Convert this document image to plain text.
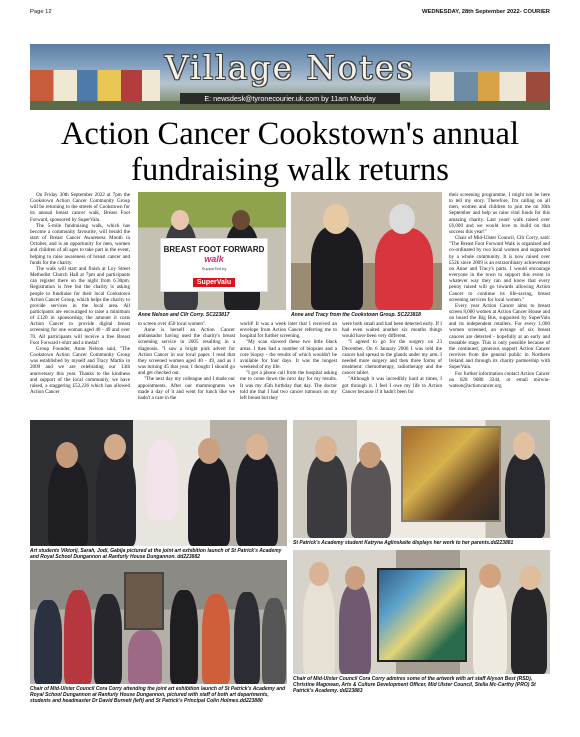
Page 12	WEDNESDAY, 28th September 2022- COURIER
Village Notes
E: newsdesk@tyronecourier.uk.com by 11am Monday
Action Cancer Cookstown's annual fundraising walk returns

On Friday 30th September 2022 at 7pm the Cookstown Action Cancer Community Group will be returning to the streets of Cookstown for its annual breast cancer walk, Breast Foot Forward, sponsored by SuperValu.

The 5-mile fundraising walk, which has become a community favourite, will herald the start of Breast Cancer Awareness Month in October, and is an opportunity for men, women and children of all ages to take part in the event, helping to raise awareness of breast cancer and funds for the charity.

The walk will start and finish at Loy Street Methodist Church Hall at 7pm and participants can register there on the night from 6.30pm. Registration is free but the charity is asking people to fundraise for their local Cookstown Action Cancer Group, which helps the charity to provide services in the local area. All participants are encouraged to raise a minimum of £120 in sponsorship, the amount it costs Action Cancer to provide digital breast screening for one woman aged 40 - 49 and over 70. All participants will receive a free Breast Foot Forward t-shirt and a medal!

Group Founder, Anne Nelson said, "The Cookstown Action Cancer Community Group was established by myself and Tracy Martin in 2009 and we are celebrating our 13th anniversary this year. Thanks to the kindness and support of the local community, we have raised, a staggering £52,226 which has allowed Action Cancer

BREAST FOOT FORWARD
walk
SupporTed by
SuperValu
Anne Nelson and Cllr Corry. SC223817	Anne and Tracy from the Cookstown Group. SC223818

to screen over 450 local women".

Anne is herself an Action Cancer ambassador having used the charity's breast screening service in 2005 resulting in a diagnosis. "I saw a bright pink advert for Action Cancer in our local paper. I read that they screened women aged 40 - 49, and as I was turning 45 that year, I thought I should go and get checked out.

"The next day my colleague and I made our appointments. After our mammograms we made a day of it and went for lunch like we hadn't a care in the

world! It was a week later that I received an envelope from Action Cancer referring me to hospital for further screening.

"My scan showed these two little black areas. I then had a number of biopsies and a core biopsy - the results of which wouldn't be available for four days. It was the longest weekend of my life.

"I got a phone call from the hospital asking me to come down the next day for my results. It was my 45th birthday that day. The doctor told me that I had two cancer tumours on my left breast but they

were both small and had been detected early. If I had even waited another six months things would have been very different.

"I agreed to go for the surgery on 23 December. On 6 January 2006 I was told the cancer had spread to the glands under my arm. I needed more surgery and then three forms of treatment: chemotherapy, radiotherapy and the cancer tablet.

"Although it was incredibly hard at times, I got through it. I feel I owe my life to Action Cancer because if it hadn't been for

their screening programme, I might not be here to tell my story. Therefore, I'm calling on all men, women and children to join me on 30th September and help us raise vital funds for this amazing charity. Last years' walk raised over £6,000 and we would love to build on that success this year!"

Chair of Mid-Ulster Council, Cllr Corry, said: "The Breast Foot Forward Walk is organised and co-ordinated by two local women and supported by a whole community. It is now raised over £52k since 2009 is an extraordinary achievement on Anne and Tracy's parts. I would encourage everyone in the town to support this event in whatever way they can and know that every penny raised will go towards allowing Action Cancer to continue its life-saving, breast screening services for local women."

Every year Action Cancer aims to breast screen 8,000 women at Action Cancer House and on board the Big Bus, supported by SuperValu and its independent retailers. For every 1,000 women screened, an average of six breast cancers are detected - hopefully at an early and treatable stage. This is only possible because of the continued, generous support Action Cancer receives from the general public in Northern Ireland and through its charity partnership with SuperValu.

For further information contact Action Cancer on 028 9080 3344, or email mirwin-watson@actioncancer.org

Art students Viktorij, Sarah, Jodi, Gabija pictured at the joint art exhibition launch of St Patrick's Academy and Royal School Dungannon at Ranfurly House Dungannon. dd223882
St Patrick's Academy student Katryna Aglinskaite displays her work to her parents.dd223881
Chair of Mid-Ulster Council Cora Corry attending the joint art exhibition launch of St Patrick's Academy and Royal School Dungannon at Ranfurly House Dungannon, pictured with staff of both art departments, students and headmaster Dr David Burnett (left) and St Patrick's Principal Colin Holmes.dd223880
Chair of Mid-Ulster Council Cora Corry admires some of the artwork with art staff Alyson Best (RSD), Christine Magowan, Arts & Culture Development Officer, Mid Ulster Council, Stella Mc-Carthy (PRO) St Patrick's Academy. dd223883
